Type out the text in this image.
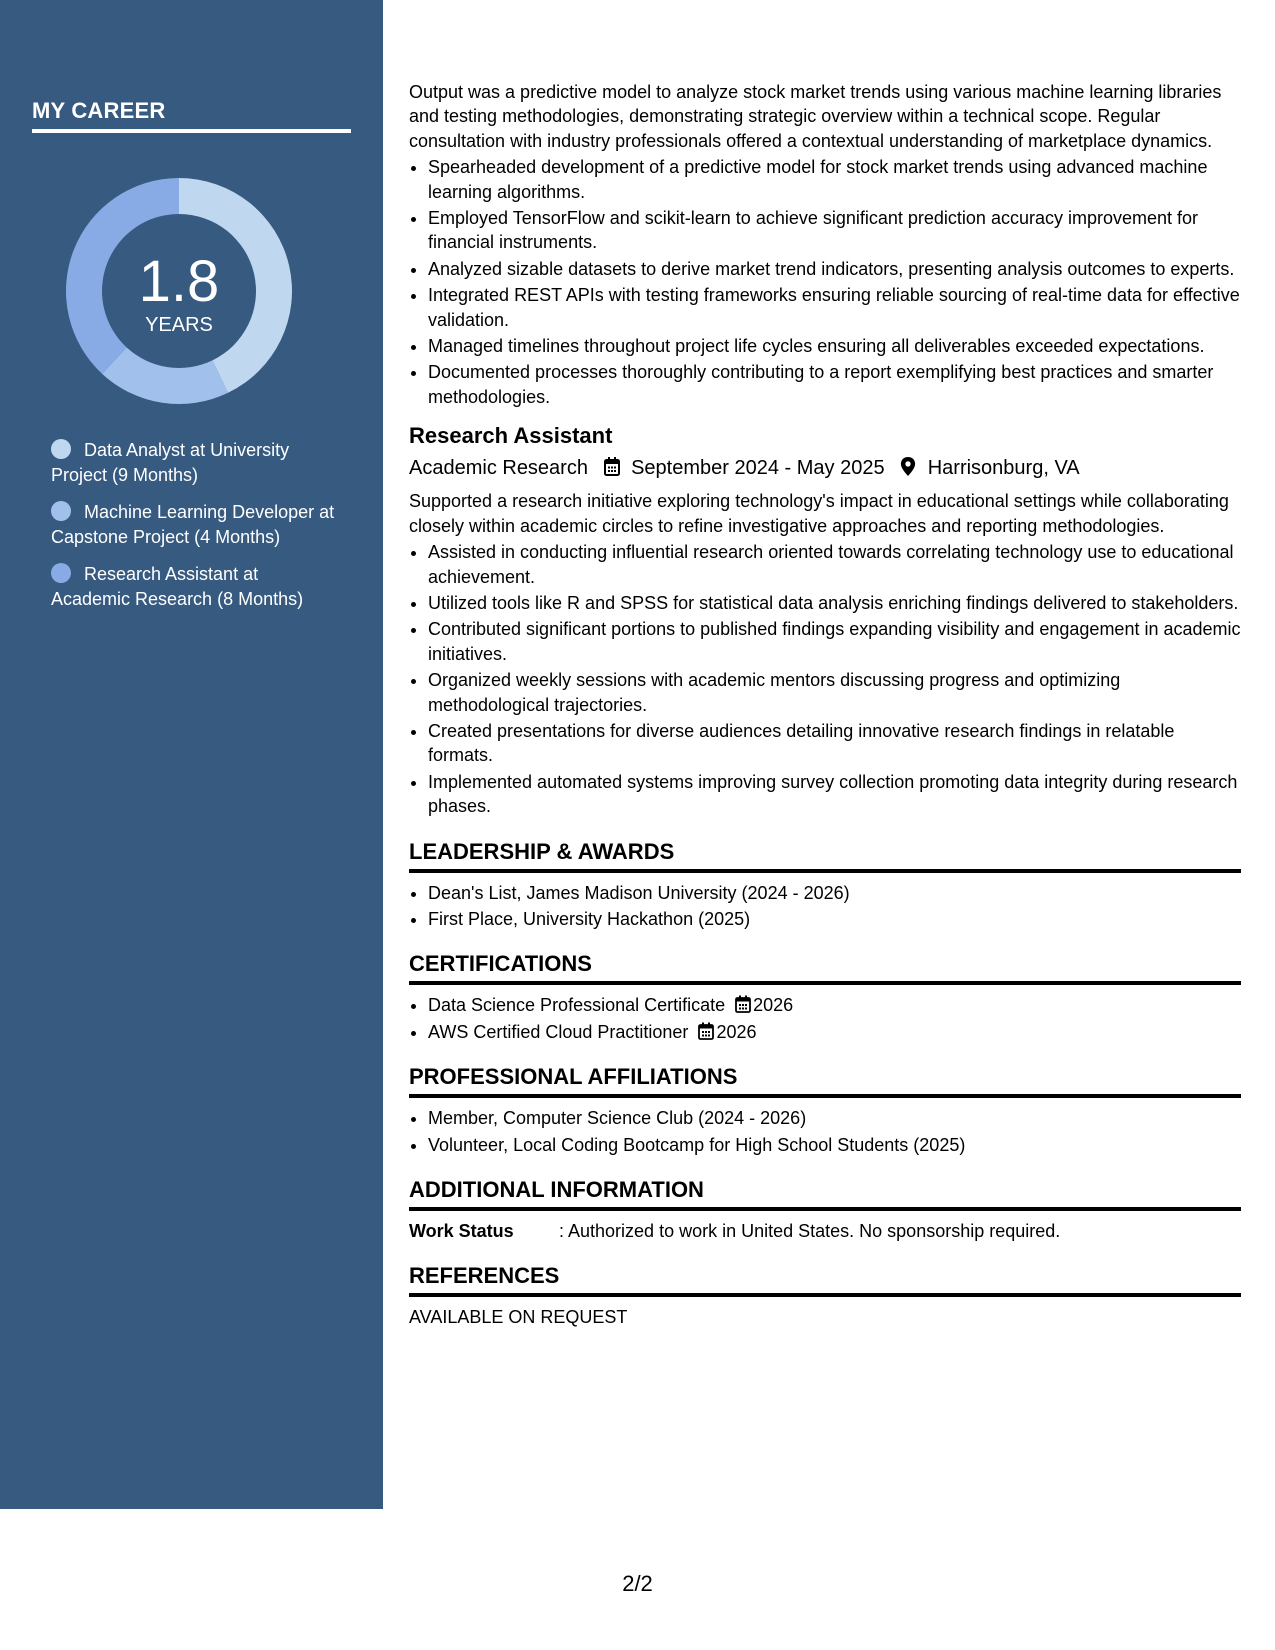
MY CAREER
1.8
YEARS
Data Analyst at University Project (9 Months)
Machine Learning Developer at Capstone Project (4 Months)
Research Assistant at Academic Research (8 Months)
Output was a predictive model to analyze stock market trends using various machine learning libraries and testing methodologies, demonstrating strategic overview within a technical scope. Regular consultation with industry professionals offered a contextual understanding of marketplace dynamics.
• Spearheaded development of a predictive model for stock market trends using advanced machine learning algorithms.
• Employed TensorFlow and scikit-learn to achieve significant prediction accuracy improvement for financial instruments.
• Analyzed sizable datasets to derive market trend indicators, presenting analysis outcomes to experts.
• Integrated REST APIs with testing frameworks ensuring reliable sourcing of real-time data for effective validation.
• Managed timelines throughout project life cycles ensuring all deliverables exceeded expectations.
• Documented processes thoroughly contributing to a report exemplifying best practices and smarter methodologies.
Research Assistant
Academic Research September 2024 - May 2025 Harrisonburg, VA
Supported a research initiative exploring technology's impact in educational settings while collaborating closely within academic circles to refine investigative approaches and reporting methodologies.
• Assisted in conducting influential research oriented towards correlating technology use to educational achievement.
• Utilized tools like R and SPSS for statistical data analysis enriching findings delivered to stakeholders.
• Contributed significant portions to published findings expanding visibility and engagement in academic initiatives.
• Organized weekly sessions with academic mentors discussing progress and optimizing methodological trajectories.
• Created presentations for diverse audiences detailing innovative research findings in relatable formats.
• Implemented automated systems improving survey collection promoting data integrity during research phases.
LEADERSHIP & AWARDS
• Dean's List, James Madison University (2024 - 2026)
• First Place, University Hackathon (2025)
CERTIFICATIONS
• Data Science Professional Certificate 2026
• AWS Certified Cloud Practitioner 2026
PROFESSIONAL AFFILIATIONS
• Member, Computer Science Club (2024 - 2026)
• Volunteer, Local Coding Bootcamp for High School Students (2025)
ADDITIONAL INFORMATION
Work Status	: Authorized to work in United States. No sponsorship required.
REFERENCES
AVAILABLE ON REQUEST
2/2
